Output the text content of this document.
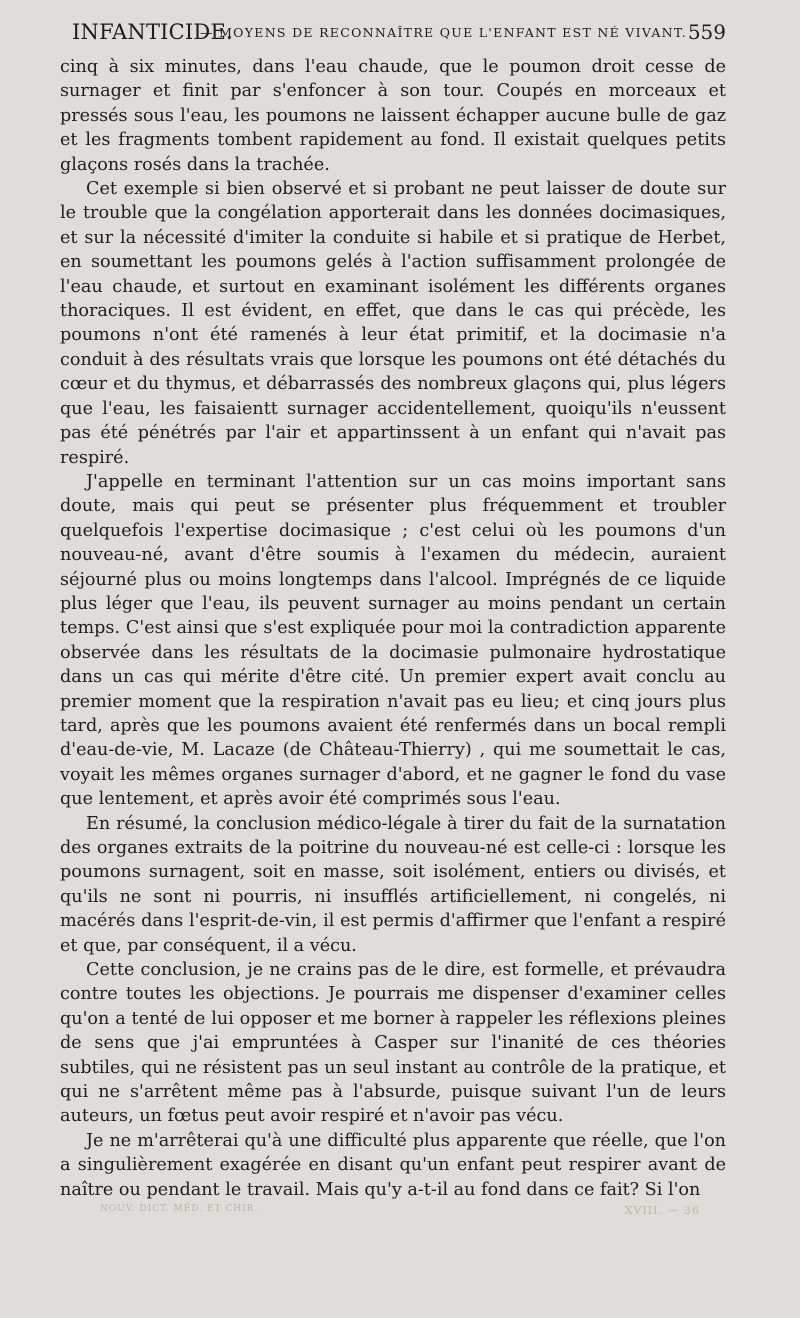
INFANTICIDE.
— MOYENS DE RECONNAÎTRE QUE L'ENFANT EST NÉ VIVANT. 559

cinq à six minutes, dans l'eau chaude, que le poumon droit cesse de surnager et finit par s'enfoncer à son tour. Coupés en morceaux et pressés sous l'eau, les poumons ne laissent échapper aucune bulle de gaz et les fragments tombent rapidement au fond. Il existait quelques petits glaçons rosés dans la trachée.

Cet exemple si bien observé et si probant ne peut laisser de doute sur le trouble que la congélation apporterait dans les données docimasiques, et sur la nécessité d'imiter la conduite si habile et si pratique de Herbet, en soumettant les poumons gelés à l'action suffisamment prolongée de l'eau chaude, et surtout en examinant isolément les différents organes thoraciques. Il est évident, en effet, que dans le cas qui précède, les poumons n'ont été ramenés à leur état primitif, et la docimasie n'a conduit à des résultats vrais que lorsque les poumons ont été détachés du cœur et du thymus, et débarrassés des nombreux glaçons qui, plus légers que l'eau, les faisaientt surnager accidentellement, quoiqu'ils n'eussent pas été pénétrés par l'air et appartinssent à un enfant qui n'avait pas respiré.

J'appelle en terminant l'attention sur un cas moins important sans doute, mais qui peut se présenter plus fréquemment et troubler quelquefois l'expertise docimasique ; c'est celui où les poumons d'un nouveau-né, avant d'être soumis à l'examen du médecin, auraient séjourné plus ou moins longtemps dans l'alcool. Imprégnés de ce liquide plus léger que l'eau, ils peuvent surnager au moins pendant un certain temps. C'est ainsi que s'est expliquée pour moi la contradiction apparente observée dans les résultats de la docimasie pulmonaire hydrostatique dans un cas qui mérite d'être cité. Un premier expert avait conclu au premier moment que la respiration n'avait pas eu lieu; et cinq jours plus tard, après que les poumons avaient été renfermés dans un bocal rempli d'eau-de-vie, M. Lacaze (de Château-Thierry) , qui me soumettait le cas, voyait les mêmes organes surnager d'abord, et ne gagner le fond du vase que lentement, et après avoir été comprimés sous l'eau.

En résumé, la conclusion médico-légale à tirer du fait de la surnatation des organes extraits de la poitrine du nouveau-né est celle-ci : lorsque les poumons surnagent, soit en masse, soit isolément, entiers ou divisés, et qu'ils ne sont ni pourris, ni insufflés artificiellement, ni congelés, ni macérés dans l'esprit-de-vin, il est permis d'affirmer que l'enfant a respiré et que, par conséquent, il a vécu.

Cette conclusion, je ne crains pas de le dire, est formelle, et prévaudra contre toutes les objections. Je pourrais me dispenser d'examiner celles qu'on a tenté de lui opposer et me borner à rappeler les réflexions pleines de sens que j'ai empruntées à Casper sur l'inanité de ces théories subtiles, qui ne résistent pas un seul instant au contrôle de la pratique, et qui ne s'arrêtent même pas à l'absurde, puisque suivant l'un de leurs auteurs, un fœtus peut avoir respiré et n'avoir pas vécu.

Je ne m'arrêterai qu'à une difficulté plus apparente que réelle, que l'on a singulièrement exagérée en disant qu'un enfant peut respirer avant de naître ou pendant le travail. Mais qu'y a-t-il au fond dans ce fait? Si l'on

NOUV. DICT. MÉD. ET CHIR.	XVIII. — 36
